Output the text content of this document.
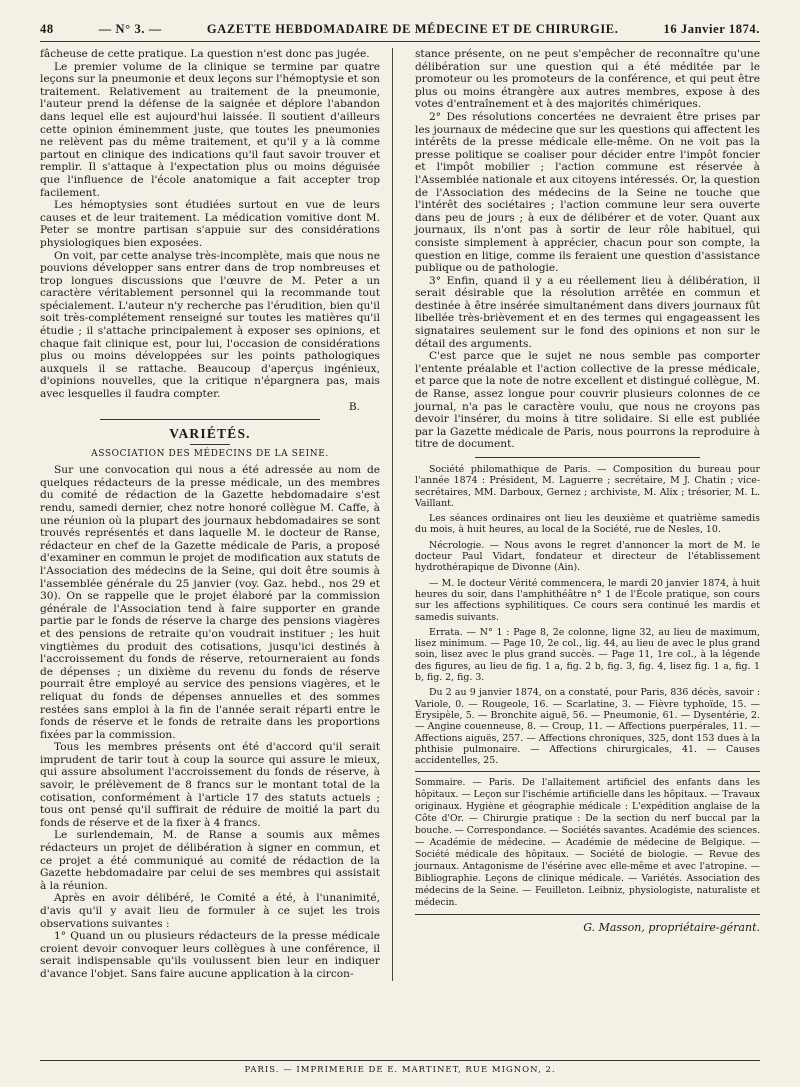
48	— N° 3. —	GAZETTE HEBDOMADAIRE DE MÉDECINE ET DE CHIRURGIE.	16 Janvier 1874.

fâcheuse de cette pratique. La question n'est donc pas jugée.

Le premier volume de la clinique se termine par quatre leçons sur la pneumonie et deux leçons sur l'hémoptysie et son traitement. Relativement au traitement de la pneumonie, l'auteur prend la défense de la saignée et déplore l'abandon dans lequel elle est aujourd'hui laissée. Il soutient d'ailleurs cette opinion éminemment juste, que toutes les pneumonies ne relèvent pas du même traitement, et qu'il y a là comme partout en clinique des indications qu'il faut savoir trouver et remplir. Il s'attaque à l'expectation plus ou moins déguisée que l'influence de l'école anatomique a fait accepter trop facilement.

Les hémoptysies sont étudiées surtout en vue de leurs causes et de leur traitement. La médication vomitive dont M. Peter se montre partisan s'appuie sur des considérations physiologiques bien exposées.

On voit, par cette analyse très-incomplète, mais que nous ne pouvions développer sans entrer dans de trop nombreuses et trop longues discussions que l'œuvre de M. Peter a un caractère véritablement personnel qui la recommande tout spécialement. L'auteur n'y recherche pas l'érudition, bien qu'il soit très-complétement renseigné sur toutes les matières qu'il étudie ; il s'attache principalement à exposer ses opinions, et chaque fait clinique est, pour lui, l'occasion de considérations plus ou moins développées sur les points pathologiques auxquels il se rattache. Beaucoup d'aperçus ingénieux, d'opinions nouvelles, que la critique n'épargnera pas, mais avec lesquelles il faudra compter.

B.
VARIÉTÉS.
ASSOCIATION DES MÉDECINS DE LA SEINE.

Sur une convocation qui nous a été adressée au nom de quelques rédacteurs de la presse médicale, un des membres du comité de rédaction de la Gazette hebdomadaire s'est rendu, samedi dernier, chez notre honoré collègue M. Caffe, à une réunion où la plupart des journaux hebdomadaires se sont trouvés représentés et dans laquelle M. le docteur de Ranse, rédacteur en chef de la Gazette médicale de Paris, a proposé d'examiner en commun le projet de modification aux statuts de l'Association des médecins de la Seine, qui doit être soumis à l'assemblée générale du 25 janvier (voy. Gaz. hebd., nos 29 et 30). On se rappelle que le projet élaboré par la commission générale de l'Association tend à faire supporter en grande partie par le fonds de réserve la charge des pensions viagères et des pensions de retraite qu'on voudrait instituer ; les huit vingtièmes du produit des cotisations, jusqu'ici destinés à l'accroissement du fonds de réserve, retourneraient au fonds de dépenses ; un dixième du revenu du fonds de réserve pourrait être employé au service des pensions viagères, et le reliquat du fonds de dépenses annuelles et des sommes restées sans emploi à la fin de l'année serait réparti entre le fonds de réserve et le fonds de retraite dans les proportions fixées par la commission.

Tous les membres présents ont été d'accord qu'il serait imprudent de tarir tout à coup la source qui assure le mieux, qui assure absolument l'accroissement du fonds de réserve, à savoir, le prélèvement de 8 francs sur le montant total de la cotisation, conformément à l'article 17 des statuts actuels ; tous ont pensé qu'il suffirait de réduire de moitié la part du fonds de réserve et de la fixer à 4 francs.

Le surlendemain, M. de Ranse a soumis aux mêmes rédacteurs un projet de délibération à signer en commun, et ce projet a été communiqué au comité de rédaction de la Gazette hebdomadaire par celui de ses membres qui assistait à la réunion.

Après en avoir délibéré, le Comité a été, à l'unanimité, d'avis qu'il y avait lieu de formuler à ce sujet les trois observations suivantes :

1° Quand un ou plusieurs rédacteurs de la presse médicale croient devoir convoquer leurs collègues à une conférence, il serait indispensable qu'ils voulussent bien leur en indiquer d'avance l'objet. Sans faire aucune application à la circon-

stance présente, on ne peut s'empêcher de reconnaître qu'une délibération sur une question qui a été méditée par le promoteur ou les promoteurs de la conférence, et qui peut être plus ou moins étrangère aux autres membres, expose à des votes d'entraînement et à des majorités chimériques.

2° Des résolutions concertées ne devraient être prises par les journaux de médecine que sur les questions qui affectent les intérêts de la presse médicale elle-même. On ne voit pas la presse politique se coaliser pour décider entre l'impôt foncier et l'impôt mobilier ; l'action commune est réservée à l'Assemblée nationale et aux citoyens intéressés. Or, la question de l'Association des médecins de la Seine ne touche que l'intérêt des sociétaires ; l'action commune leur sera ouverte dans peu de jours ; à eux de délibérer et de voter. Quant aux journaux, ils n'ont pas à sortir de leur rôle habituel, qui consiste simplement à apprécier, chacun pour son compte, la question en litige, comme ils feraient une question d'assistance publique ou de pathologie.

3° Enfin, quand il y a eu réellement lieu à délibération, il serait désirable que la résolution arrêtée en commun et destinée à être insérée simultanément dans divers journaux fût libellée très-brièvement et en des termes qui engageassent les signataires seulement sur le fond des opinions et non sur le détail des arguments.

C'est parce que le sujet ne nous semble pas comporter l'entente préalable et l'action collective de la presse médicale, et parce que la note de notre excellent et distingué collègue, M. de Ranse, assez longue pour couvrir plusieurs colonnes de ce journal, n'a pas le caractère voulu, que nous ne croyons pas devoir l'insérer, du moins à titre solidaire. Si elle est publiée par la Gazette médicale de Paris, nous pourrons la reproduire à titre de document.

Société philomathique de Paris. — Composition du bureau pour l'année 1874 : Président, M. Laguerre ; secrétaire, M J. Chatin ; vice-secrétaires, MM. Darboux, Gernez ; archiviste, M. Alix ; trésorier, M. L. Vaillant.

Les séances ordinaires ont lieu les deuxième et quatrième samedis du mois, à huit heures, au local de la Société, rue de Nesles, 10.

Nécrologie. — Nous avons le regret d'annoncer la mort de M. le docteur Paul Vidart, fondateur et directeur de l'établissement hydrothérapique de Divonne (Ain).

— M. le docteur Vérité commencera, le mardi 20 janvier 1874, à huit heures du soir, dans l'amphithéâtre n° 1 de l'École pratique, son cours sur les affections syphilitiques. Ce cours sera continué les mardis et samedis suivants.

Errata. — N° 1 : Page 8, 2e colonne, ligne 32, au lieu de maximum, lisez minimum. — Page 10, 2e col., lig. 44, au lieu de avec le plus grand soin, lisez avec le plus grand succès. — Page 11, 1re col., à la légende des figures, au lieu de fig. 1 a, fig. 2 b, fig. 3, fig. 4, lisez fig. 1 a, fig. 1 b, fig. 2, fig. 3.

Du 2 au 9 janvier 1874, on a constaté, pour Paris, 836 décès, savoir : Variole, 0. — Rougeole, 16. — Scarlatine, 3. — Fièvre typhoïde, 15. — Érysipèle, 5. — Bronchite aiguë, 56. — Pneumonie, 61. — Dysentérie, 2. — Angine couenneuse, 8. — Croup, 11. — Affections puerpérales, 11. — Affections aiguës, 257. — Affections chroniques, 325, dont 153 dues à la phthisie pulmonaire. — Affections chirurgicales, 41. — Causes accidentelles, 25.

Sommaire. — Paris. De l'allaitement artificiel des enfants dans les hôpitaux. — Leçon sur l'ischémie artificielle dans les hôpitaux. — Travaux originaux. Hygiène et géographie médicale : L'expédition anglaise de la Côte d'Or. — Chirurgie pratique : De la section du nerf buccal par la bouche. — Correspondance. — Sociétés savantes. Académie des sciences. — Académie de médecine. — Académie de médecine de Belgique. — Société médicale des hôpitaux. — Société de biologie. — Revue des journaux. Antagonisme de l'ésérine avec elle-même et avec l'atropine. — Bibliographie. Leçons de clinique médicale. — Variétés. Association des médecins de la Seine. — Feuilleton. Leibniz, physiologiste, naturaliste et médecin.
G. Masson, propriétaire-gérant.
PARIS. — IMPRIMERIE DE E. MARTINET, RUE MIGNON, 2.
